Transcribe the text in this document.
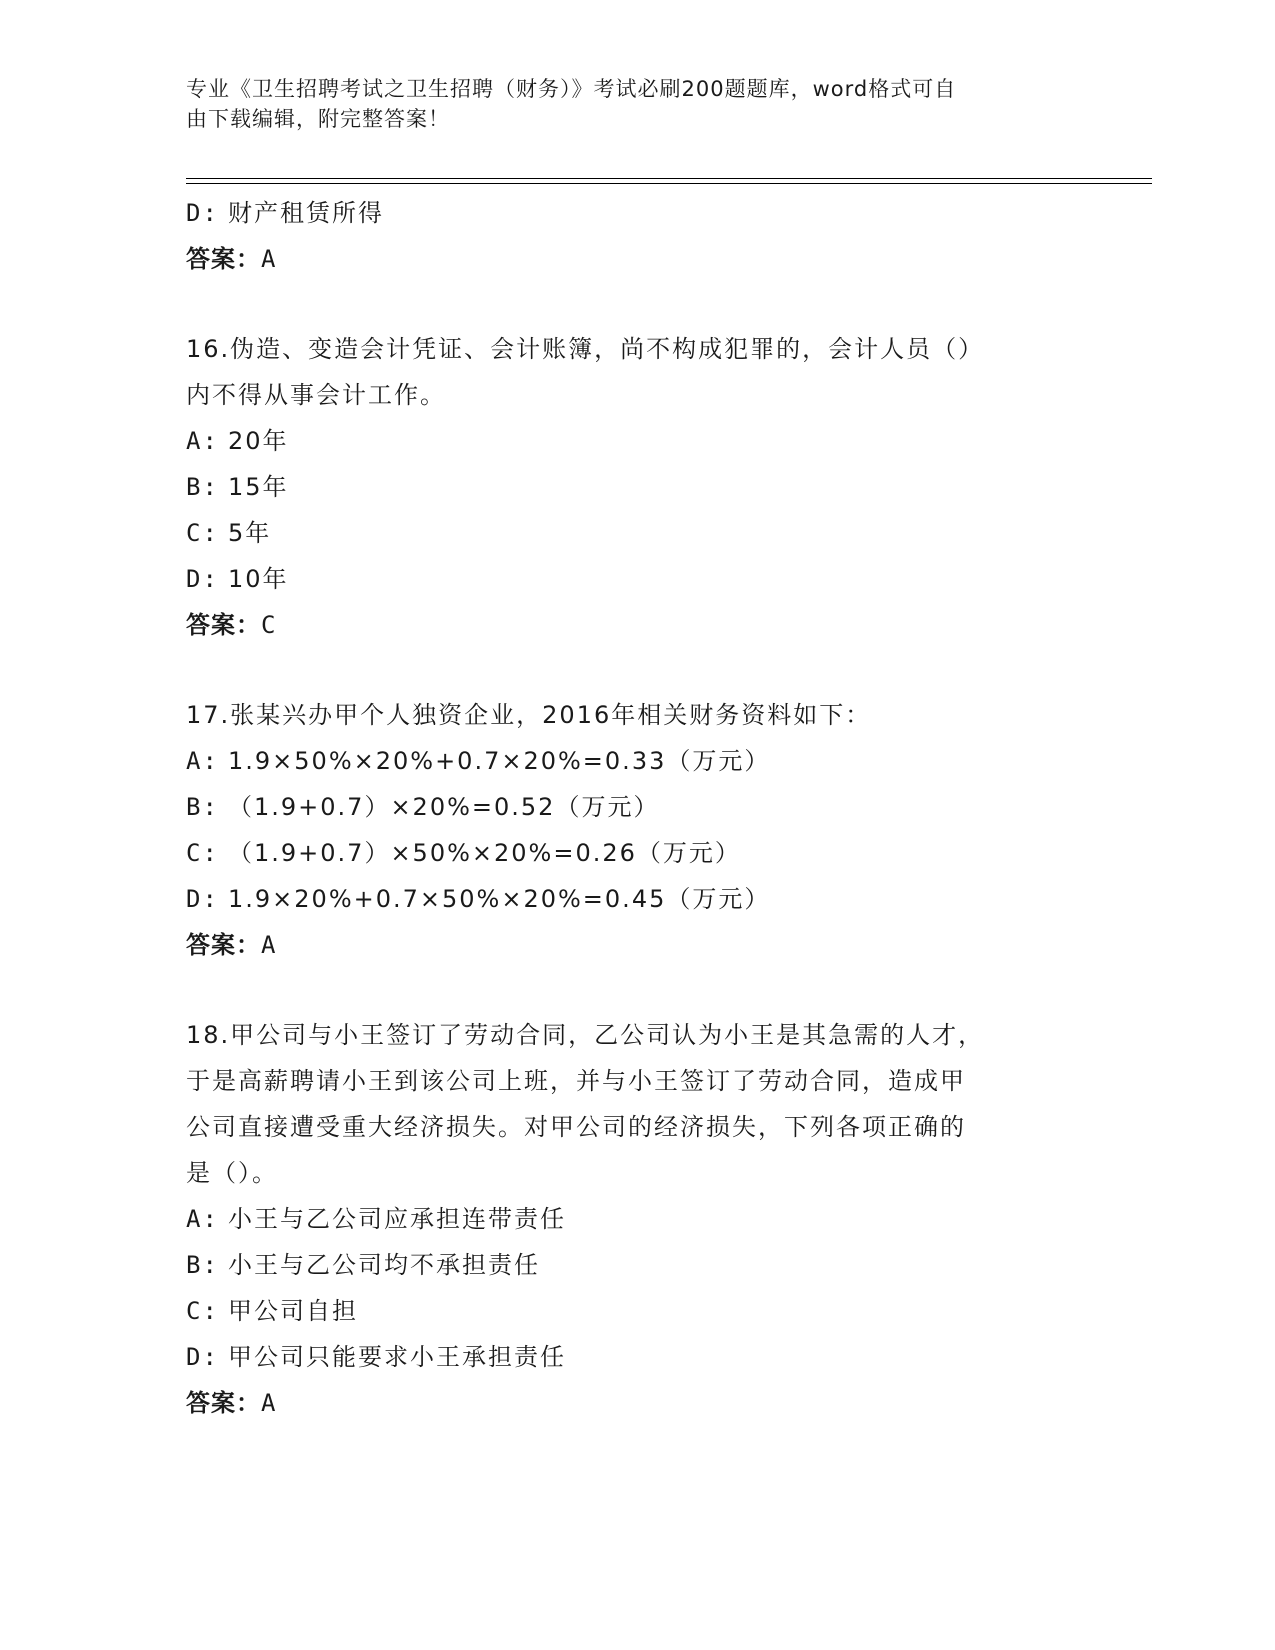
专业《卫生招聘考试之卫生招聘（财务）》考试必刷200题题库，word格式可自
由下载编辑，附完整答案！
D: 财产租赁所得
答案：A
16.伪造、变造会计凭证、会计账簿，尚不构成犯罪的，会计人员（）
内不得从事会计工作。
A: 20年
B: 15年
C: 5年
D: 10年
答案：C
17.张某兴办甲个人独资企业，2016年相关财务资料如下：
A: 1.9×50%×20%+0.7×20%=0.33（万元）
B: （1.9+0.7）×20%=0.52（万元）
C: （1.9+0.7）×50%×20%=0.26（万元）
D: 1.9×20%+0.7×50%×20%=0.45（万元）
答案：A
18.甲公司与小王签订了劳动合同，乙公司认为小王是其急需的人才，
于是高薪聘请小王到该公司上班，并与小王签订了劳动合同，造成甲
公司直接遭受重大经济损失。对甲公司的经济损失，下列各项正确的
是（）。
A: 小王与乙公司应承担连带责任
B: 小王与乙公司均不承担责任
C: 甲公司自担
D: 甲公司只能要求小王承担责任
答案：A
